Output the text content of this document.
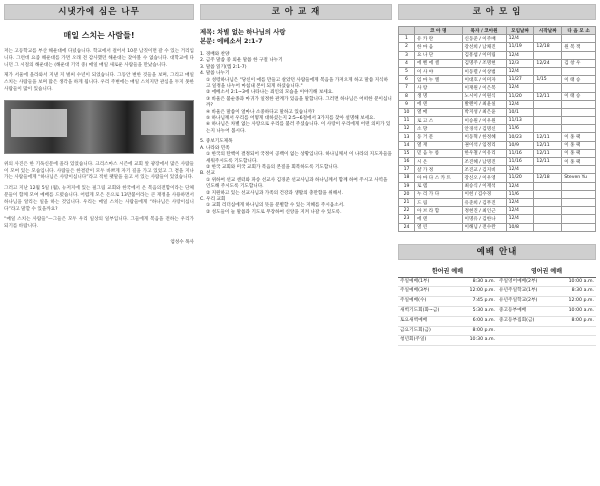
시냇가에 심은 나무
매일 스치는 사람들!
저는 고등학교를 부산 해운대에 다녔습니다. 학교에서 걸어서 10분 남짓이면 갈 수 있는 거리입니다. 그런데 요즘 해운대를 가면 오래 전 감사했던 해운대는 찾아볼 수 없습니다. 대학교에 다니던 그 시절의 해운대는 (해운대 기억 중) 매일 매일 새로운 사람들을 만났습니다.
제가 서울에 올라와서 지낸 지 벌써 수년이 되었습니다. 그동안 변한 것들을 보며, 그리고 매일 스치는 사람들을 보며 많은 생각을 하게 됩니다. 우리 주변에는 매일 스치지만 관심을 두지 못한 사람들이 많이 있습니다.
위의 사진은 한 기독신문에 올라 있었습니다. 크리스마스 시즌에 교회 앞 광장에서 많은 사람들이 모여 있는 모습입니다. 사람들은 한결같이 모두 바쁘게 자기 길을 가고 있었고 그 곁을 지나가는 사람들에게 “하나님은 사랑이십니다”라고 적힌 팻말을 들고 서 있는 사람들이 있었습니다.
그러고 지난 12월 5일 (월), 뉴저지에 있는 필그림 교회와 한국에서 온 복음의전함이라는 단체 분들이 함께 모여 예배를 드렸습니다. 어렵게 모은 돈으로 13만불이라는 큰 재정을 사용하면서 하나님을 알리는 일을 하는 것입니다. 우리는 매일 스치는 사람들에게 “하나님은 사랑이십니다”라고 말할 수 있을까요?
“매일 스치는 사람들”—그들은 모두 우리 일상의 일부입니다. 그들에게 복음을 전하는 우리가 되기를 바랍니다.
엄성수 목사
코 아 교 재
제목: 차별 없는 하나님의 사랑
본문: 에베소서 2:1-7
1. 경배와 찬양
2. 금주 말씀 중 외운 말씀 한 구절 나누기
3. 말씀 읽기(엡 2:1-7)
4. 말씀 나누기
① 성령하나님은 "당신이 애를 만들고 살았던 사람들에게 복음을 가져오게 하고 말씀 지식하고 일정을 나누어 마침내 본이 되게 하셨습니다."
② 에베소서 2:1~3에 나타나는 죄인의 모습을 이야기해 보세요.
③ 바울은 불순종과 마귀가 일정한 관계가 있음을 말합니다. 그러면 하나님은 어떠한 분이십니까?
④ 바울은 말씀이 얼마나 소중하다고 말하고 있습니까?
⑤ 하나님께서 우리를 어떻게 대하셨는지 2:5~6절에서 3가지를 찾아 설명해 보세요.
⑥ 하나님은 차별 없는 사랑으로 우리를 불러 주셨습니다. 이 사랑이 우리에게 어떤 의미가 있는지 나누어 봅시다.
5. 중보기도제목
A. 나라와 민족
① 한국의 탄핵이 결정되어 국정이 공백이 없는 상황입니다. 하나님께서 이 나라의 지도자들을 세워주시도록 기도합니다.
② 한국 교회와 미국 교회가 복음의 본질을 회복하도록 기도합니다.
B. 선교
① 위하여 선교 센터와 파송 선교사 김경준 선교사님과 하나님께서 함께 하여 주시고 사역을 인도해 주시도록 기도합니다.
② 지원하고 있는 선교사님과 가족의 건강과 생활의 충만함을 위해서.
C. 우리 교회
① 교회 리더십에게 하나님의 뜻을 분별할 수 있는 지혜를 주시옵소서.
② 성도들이 늘 말씀과 기도로 무장하여 신앙을 지켜 나갈 수 있도록.
코 아 모 임
	코 아 명	목자 / 코아원	모임날짜	시작날짜	다 음 모 소
1	유 카 란	신동준 / 이주배	12/4		
2	한 마 음	강선희 / 남채진	11/19	12/18	원 복 잭
3	요 나 단	김흥섭 / 이미림	12/4		
4	에 벤 에 셀	김명주 / 조명현	12/3	12/24	김 창 우
5	이 사 야	이동렬 / 이상범	12/4		
6	임 마 누 엘	이대호 / 이미자	11/27	1/15	이 태 승
7	사 랑	이재원 / 이은복	12/4		
8	생 명	노시이 / 이원식	11/20	12/11	이 태 승
9	에 덴	발렌이 / 최윤실	12/4		
10	열 매	박지성 / 최은윤	10/1		
11	로 고 스	이승원 / 이우원	11/13		
12	소 망	안경석 / 김명신	11/6		
13	동 거 문	이동혁 / 한정혜	10/23	12/11	이 홍 팩
14	열 재	권이석 / 임정리	10/9	12/11	이 홍 팩
15	믿 음 누 룸	한우철 / 이유리	11/16	12/11	이 홍 팩
16	시 온	조진혜 / 남명진	11/16	12/11	이 홍 팩
17	샬 가 정	조진교 / 김지비	12/4		
18	아 마 다 스 카 트	강신오 / 이우영	11/20	12/18	Steven Yu
19	로 뎀	최승식 / 이재석	12/4		
20	누 리 가 다	이헌 / 김수경	11/6		
21	드 림	유준희 / 김무진	12/4		
22	아 브 라 함	정현진 / 최인근	12/4		
23	에 덴	이명유 / 김한나	12/4		
24	열 린	이해님 / 전수완	10/8		
예배 안내
한어권 예배	영어권 예배
주일예배(1부)	8:30 a.m. 주일영어예배(2부)	10:00 a.m.
주일예배(3부)	12:00 p.m. 유년주일학교(1부)	8:30 a.m.
주일예배(수)	7:45 p.m. 유년주일학교(2부)	12:00 p.m.
새벽기도회(화~금)	5:30 a.m. 중고등부예배	10:00 a.m.
토요새벽예배	6:00 a.m. 중고등부집회(금)	8:00 p.m.
금요기도회(금)	8:00 p.m.
청년회(주일)	10:30 a.m.
